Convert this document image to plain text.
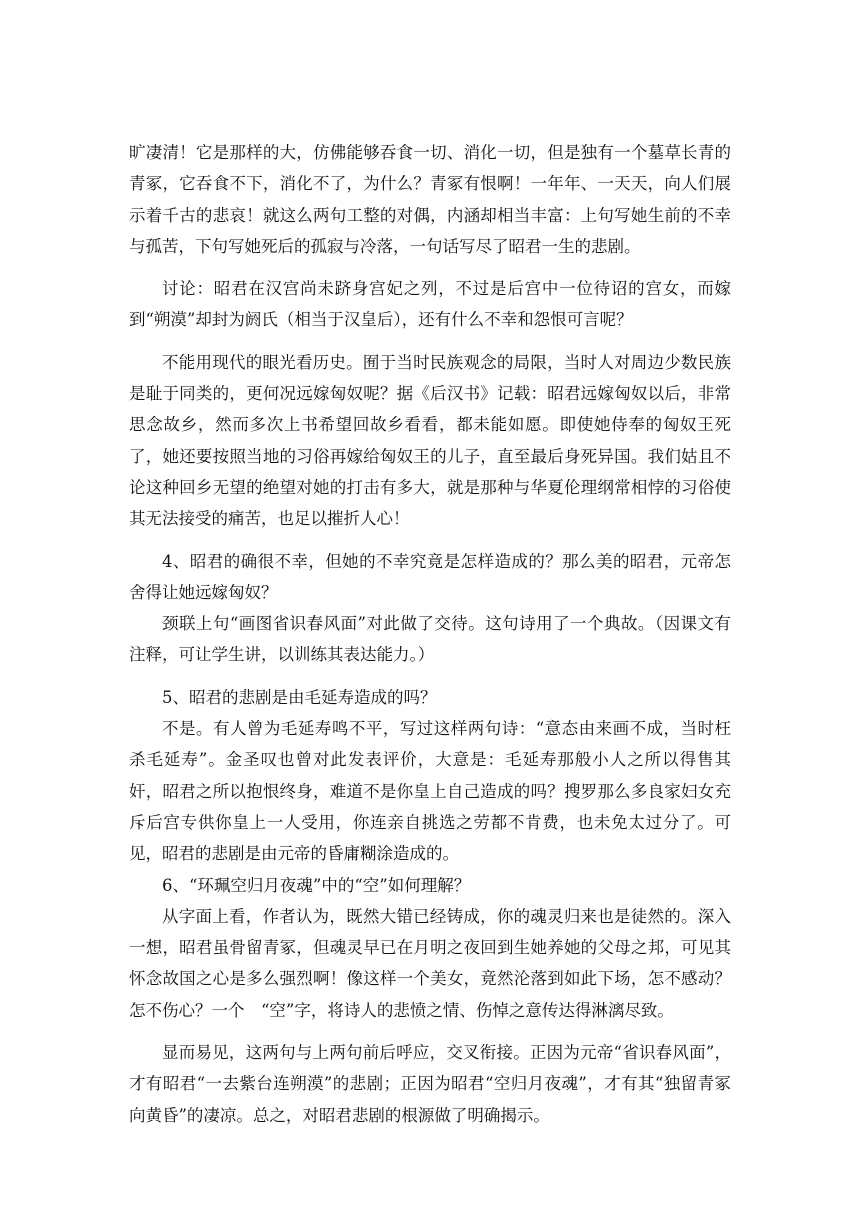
旷凄清！它是那样的大，仿佛能够吞食一切、消化一切，但是独有一个墓草长青的青冢，它吞食不下，消化不了，为什么？青冢有恨啊！一年年、一天天，向人们展示着千古的悲哀！就这么两句工整的对偶，内涵却相当丰富：上句写她生前的不幸与孤苦，下句写她死后的孤寂与冷落，一句话写尽了昭君一生的悲剧。

讨论：昭君在汉宫尚未跻身宫妃之列，不过是后宫中一位待诏的宫女，而嫁到“朔漠”却封为阏氏（相当于汉皇后），还有什么不幸和怨恨可言呢？

不能用现代的眼光看历史。囿于当时民族观念的局限，当时人对周边少数民族是耻于同类的，更何况远嫁匈奴呢？据《后汉书》记载：昭君远嫁匈奴以后，非常思念故乡，然而多次上书希望回故乡看看，都未能如愿。即使她侍奉的匈奴王死了，她还要按照当地的习俗再嫁给匈奴王的儿子，直至最后身死异国。我们姑且不论这种回乡无望的绝望对她的打击有多大，就是那种与华夏伦理纲常相悖的习俗使其无法接受的痛苦，也足以摧折人心！

4、昭君的确很不幸，但她的不幸究竟是怎样造成的？那么美的昭君，元帝怎舍得让她远嫁匈奴？

颈联上句“画图省识春风面”对此做了交待。这句诗用了一个典故。（因课文有注释，可让学生讲，以训练其表达能力。）

5、昭君的悲剧是由毛延寿造成的吗？

不是。有人曾为毛延寿鸣不平，写过这样两句诗：“意态由来画不成，当时枉杀毛延寿”。金圣叹也曾对此发表评价，大意是：毛延寿那般小人之所以得售其奸，昭君之所以抱恨终身，难道不是你皇上自己造成的吗？搜罗那么多良家妇女充斥后宫专供你皇上一人受用，你连亲自挑选之劳都不肯费，也未免太过分了。可见，昭君的悲剧是由元帝的昏庸糊涂造成的。

6、“环珮空归月夜魂”中的“空”如何理解？

从字面上看，作者认为，既然大错已经铸成，你的魂灵归来也是徒然的。深入一想，昭君虽骨留青冢，但魂灵早已在月明之夜回到生她养她的父母之邦，可见其怀念故国之心是多么强烈啊！像这样一个美女，竟然沦落到如此下场，怎不感动？怎不伤心？一个　“空”字，将诗人的悲愤之情、伤悼之意传达得淋漓尽致。

显而易见，这两句与上两句前后呼应，交叉衔接。正因为元帝“省识春风面”，才有昭君“一去紫台连朔漠”的悲剧；正因为昭君“空归月夜魂”，才有其“独留青冢向黄昏”的凄凉。总之，对昭君悲剧的根源做了明确揭示。
